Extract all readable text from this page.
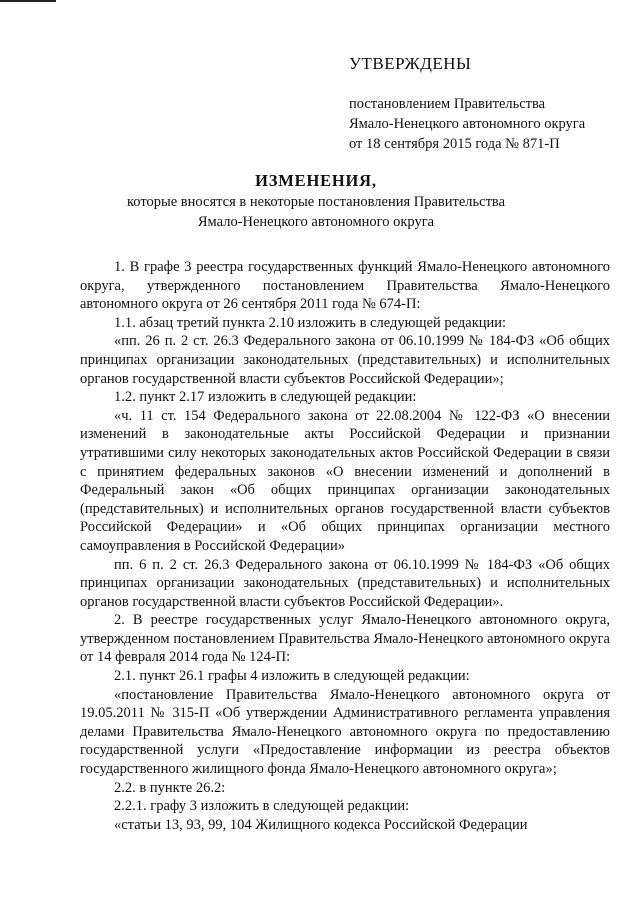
УТВЕРЖДЕНЫ
постановлением Правительства
Ямало-Ненецкого автономного округа
от 18 сентября 2015 года № 871-П
ИЗМЕНЕНИЯ,
которые вносятся в некоторые постановления Правительства
Ямало-Ненецкого автономного округа

1. В графе 3 реестра государственных функций Ямало-Ненецкого автономного округа, утвержденного постановлением Правительства Ямало-Ненецкого автономного округа от 26 сентября 2011 года № 674-П:

1.1. абзац третий пункта 2.10 изложить в следующей редакции:

«пп. 26 п. 2 ст. 26.3 Федерального закона от 06.10.1999 № 184-ФЗ «Об общих принципах организации законодательных (представительных) и исполнительных органов государственной власти субъектов Российской Федерации»;

1.2. пункт 2.17 изложить в следующей редакции:

«ч. 11 ст. 154 Федерального закона от 22.08.2004 № 122-ФЗ «О внесении изменений в законодательные акты Российской Федерации и признании утратившими силу некоторых законодательных актов Российской Федерации в связи с принятием федеральных законов «О внесении изменений и дополнений в Федеральный закон «Об общих принципах организации законодательных (представительных) и исполнительных органов государственной власти субъектов Российской Федерации» и «Об общих принципах организации местного самоуправления в Российской Федерации»

пп. 6 п. 2 ст. 26.3 Федерального закона от 06.10.1999 № 184-ФЗ «Об общих принципах организации законодательных (представительных) и исполнительных органов государственной власти субъектов Российской Федерации».

2. В реестре государственных услуг Ямало-Ненецкого автономного округа, утвержденном постановлением Правительства Ямало-Ненецкого автономного округа от 14 февраля 2014 года № 124-П:

2.1. пункт 26.1 графы 4 изложить в следующей редакции:

«постановление Правительства Ямало-Ненецкого автономного округа от 19.05.2011 № 315-П «Об утверждении Административного регламента управления делами Правительства Ямало-Ненецкого автономного округа по предоставлению государственной услуги «Предоставление информации из реестра объектов государственного жилищного фонда Ямало-Ненецкого автономного округа»;

2.2. в пункте 26.2:

2.2.1. графу 3 изложить в следующей редакции:

«статьи 13, 93, 99, 104 Жилищного кодекса Российской Федерации
